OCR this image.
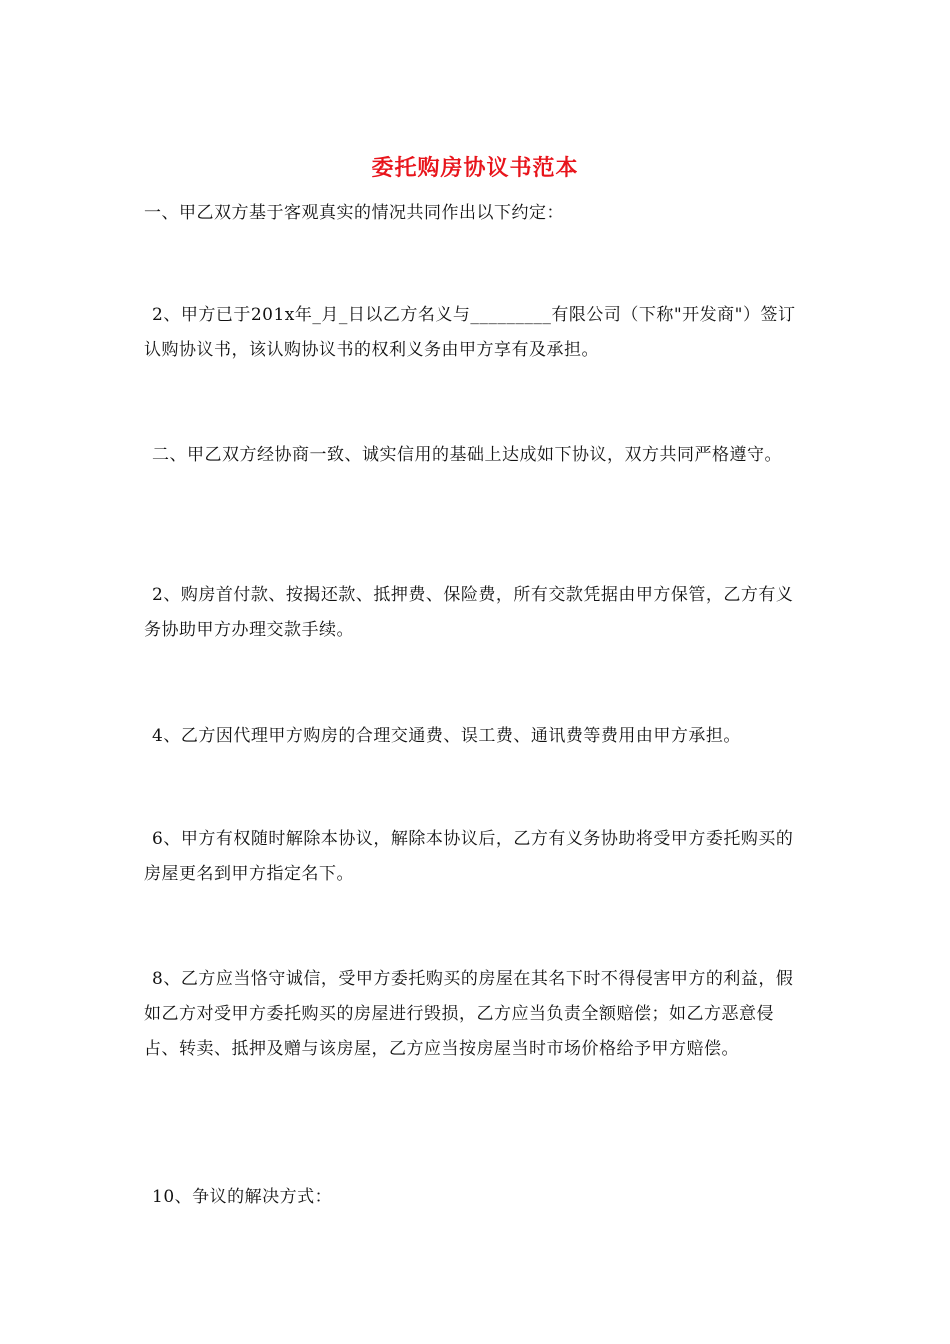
委托购房协议书范本
一、甲乙双方基于客观真实的情况共同作出以下约定：
2、甲方已于201x年_月_日以乙方名义与_________有限公司（下称"开发商"）签订认购协议书，该认购协议书的权利义务由甲方享有及承担。
二、甲乙双方经协商一致、诚实信用的基础上达成如下协议，双方共同严格遵守。
2、购房首付款、按揭还款、抵押费、保险费，所有交款凭据由甲方保管，乙方有义务协助甲方办理交款手续。
4、乙方因代理甲方购房的合理交通费、误工费、通讯费等费用由甲方承担。
6、甲方有权随时解除本协议，解除本协议后，乙方有义务协助将受甲方委托购买的房屋更名到甲方指定名下。
8、乙方应当恪守诚信，受甲方委托购买的房屋在其名下时不得侵害甲方的利益，假如乙方对受甲方委托购买的房屋进行毁损，乙方应当负责全额赔偿；如乙方恶意侵占、转卖、抵押及赠与该房屋，乙方应当按房屋当时市场价格给予甲方赔偿。
10、争议的解决方式：
